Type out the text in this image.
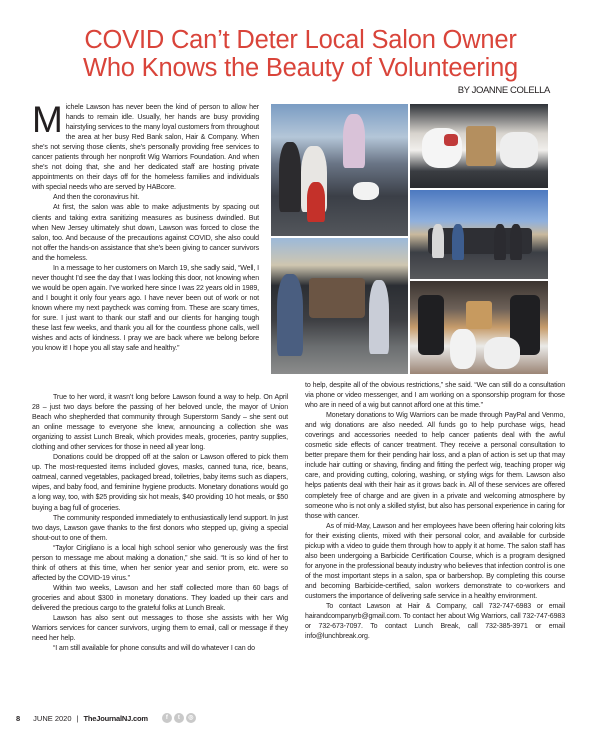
COVID Can’t Deter Local Salon Owner
Who Knows the Beauty of Volunteering
BY JOANNE COLELLA

Michele Lawson has never been the kind of person to allow her hands to remain idle. Usually, her hands are busy providing hairstyling services to the many loyal customers from throughout the area at her busy Red Bank salon, Hair & Company. When she’s not serving those clients, she’s personally providing free services to cancer patients through her nonprofit Wig Warriors Foundation. And when she’s not doing that, she and her dedicated staff are hosting private appointments on their days off for the homeless families and individuals with special needs who are served by HABcore.

And then the coronavirus hit.

At first, the salon was able to make adjustments by spacing out clients and taking extra sanitizing measures as business dwindled. But when New Jersey ultimately shut down, Lawson was forced to close the salon, too. And because of the precautions against COVID, she also could not offer the hands-on assistance that she’s been giving to cancer survivors and the homeless.

In a message to her customers on March 19, she sadly said, “Well, I never thought I’d see the day that I was locking this door, not knowing when we would be open again. I’ve worked here since I was 22 years old in 1989, and I bought it only four years ago. I have never been out of work or not known where my next paycheck was coming from. These are scary times, for sure. I just want to thank our staff and our clients for hanging tough these last few weeks, and thank you all for the countless phone calls, well wishes and acts of kindness. I pray we are back where we belong before you know it! I hope you all stay safe and healthy.”

True to her word, it wasn’t long before Lawson found a way to help. On April 28 – just two days before the passing of her beloved uncle, the mayor of Union Beach who shepherded that community through Superstorm Sandy – she sent out an online message to everyone she knew, announcing a collection she was organizing to assist Lunch Break, which provides meals, groceries, pantry supplies, clothing and other services for those in need all year long.

Donations could be dropped off at the salon or Lawson offered to pick them up. The most-requested items included gloves, masks, canned tuna, rice, beans, oatmeal, canned vegetables, packaged bread, toiletries, baby items such as diapers, wipes, and baby food, and feminine hygiene products. Monetary donations would go a long way, too, with $25 providing six hot meals, $40 providing 10 hot meals, or $50 buying a bag full of groceries.

The community responded immediately to enthusiastically lend support. In just two days, Lawson gave thanks to the first donors who stepped up, giving a special shout-out to one of them.

“Taylor Cirigliano is a local high school senior who generously was the first person to message me about making a donation,” she said. “It is so kind of her to think of others at this time, when her senior year and senior prom, etc. were so affected by the COVID-19 virus.”

Within two weeks, Lawson and her staff collected more than 60 bags of groceries and about $300 in monetary donations. They loaded up their cars and delivered the precious cargo to the grateful folks at Lunch Break.

Lawson has also sent out messages to those she assists with her Wig Warriors services for cancer survivors, urging them to email, call or message if they need her help.

“I am still available for phone consults and will do whatever I can do

to help, despite all of the obvious restrictions,” she said. “We can still do a consultation via phone or video messenger, and I am working on a sponsorship program for those who are in need of a wig but cannot afford one at this time.”

Monetary donations to Wig Warriors can be made through PayPal and Venmo, and wig donations are also needed. All funds go to help purchase wigs, head coverings and accessories needed to help cancer patients deal with the awful cosmetic side effects of cancer treatment. They receive a personal consultation to better prepare them for their pending hair loss, and a plan of action is set up that may include hair cutting or shaving, finding and fitting the perfect wig, teaching proper wig care, and providing cutting, coloring, washing, or styling wigs for them. Lawson also helps patients deal with their hair as it grows back in. All of these services are offered completely free of charge and are given in a private and welcoming atmosphere by someone who is not only a skilled stylist, but also has personal experience in caring for those with cancer.

As of mid-May, Lawson and her employees have been offering hair coloring kits for their existing clients, mixed with their personal color, and available for curbside pickup with a video to guide them through how to apply it at home. The salon staff has also been undergoing a Barbicide Certification Course, which is a program designed for anyone in the professional beauty industry who believes that infection control is one of the most important steps in a salon, spa or barbershop. By completing this course and becoming Barbicide-certified, salon workers demonstrate to co-workers and customers the importance of delivering safe service in a healthy environment.

To contact Lawson at Hair & Company, call 732-747-6983 or email hairandcompanyrb@gmail.com. To contact her about Wig Warriors, call 732-747-6983 or 732-673-7097. To contact Lunch Break, call 732-385-3971 or email info@lunchbreak.org.

8 JUNE 2020 | TheJournalNJ.com	f	t	◎
